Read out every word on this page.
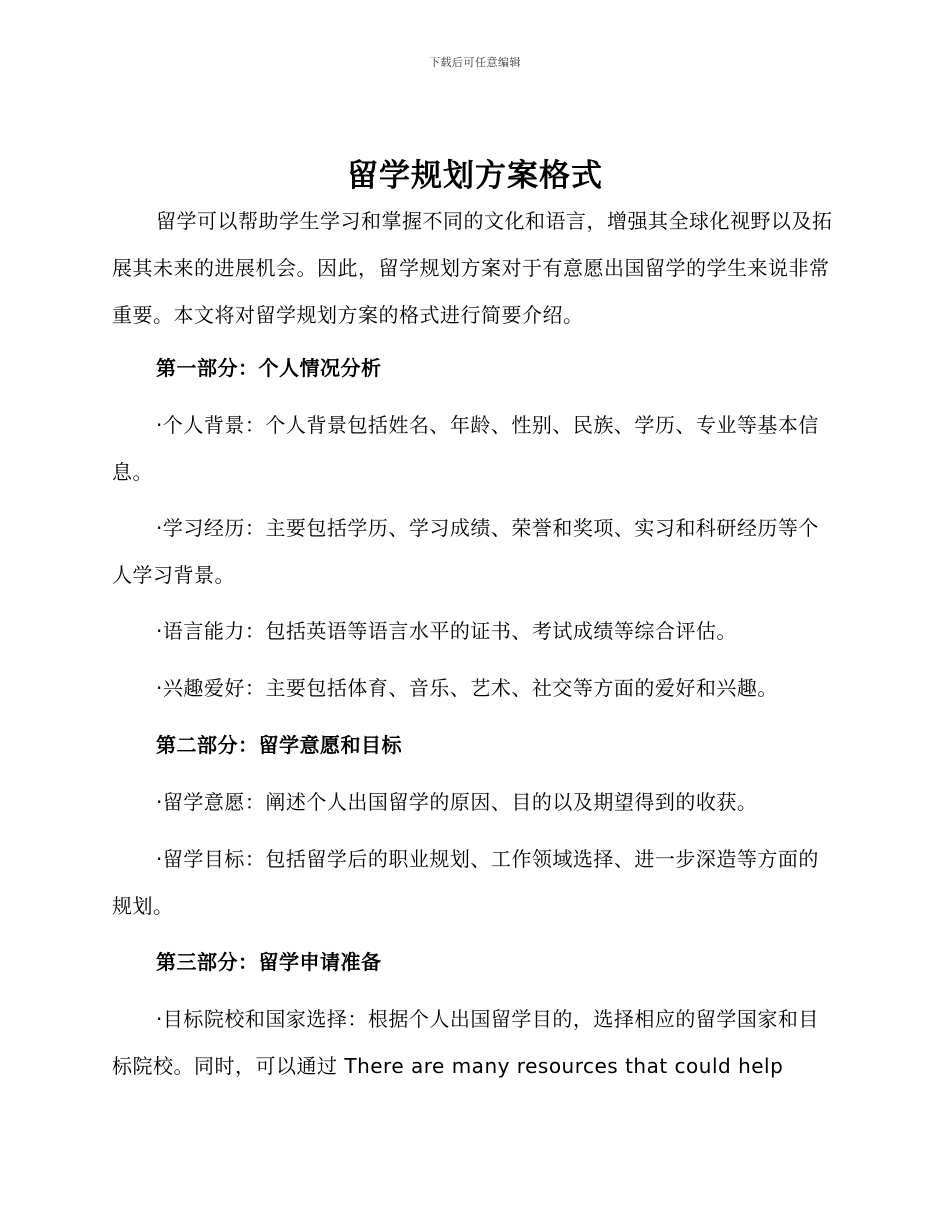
下载后可任意编辑
留学规划方案格式

留学可以帮助学生学习和掌握不同的文化和语言，增强其全球化视野以及拓展其未来的进展机会。因此，留学规划方案对于有意愿出国留学的学生来说非常重要。本文将对留学规划方案的格式进行简要介绍。

第一部分：个人情况分析

·个人背景：个人背景包括姓名、年龄、性别、民族、学历、专业等基本信息。

·学习经历：主要包括学历、学习成绩、荣誉和奖项、实习和科研经历等个人学习背景。

·语言能力：包括英语等语言水平的证书、考试成绩等综合评估。

·兴趣爱好：主要包括体育、音乐、艺术、社交等方面的爱好和兴趣。

第二部分：留学意愿和目标

·留学意愿：阐述个人出国留学的原因、目的以及期望得到的收获。

·留学目标：包括留学后的职业规划、工作领域选择、进一步深造等方面的规划。

第三部分：留学申请准备

·目标院校和国家选择：根据个人出国留学目的，选择相应的留学国家和目标院校。同时，可以通过 There are many resources that could help
